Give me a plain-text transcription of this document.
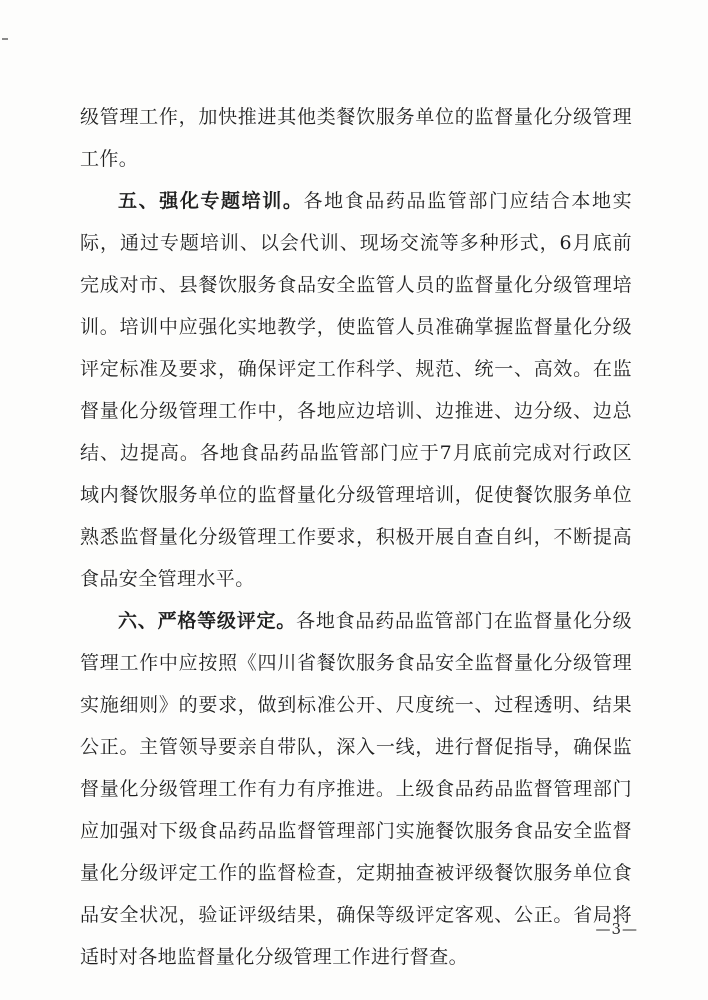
级管理工作，加快推进其他类餐饮服务单位的监督量化分级管理工作。

五、强化专题培训。各地食品药品监管部门应结合本地实际，通过专题培训、以会代训、现场交流等多种形式，6月底前完成对市、县餐饮服务食品安全监管人员的监督量化分级管理培训。培训中应强化实地教学，使监管人员准确掌握监督量化分级评定标准及要求，确保评定工作科学、规范、统一、高效。在监督量化分级管理工作中，各地应边培训、边推进、边分级、边总结、边提高。各地食品药品监管部门应于7月底前完成对行政区域内餐饮服务单位的监督量化分级管理培训，促使餐饮服务单位熟悉监督量化分级管理工作要求，积极开展自查自纠，不断提高食品安全管理水平。

六、严格等级评定。各地食品药品监管部门在监督量化分级管理工作中应按照《四川省餐饮服务食品安全监督量化分级管理实施细则》的要求，做到标准公开、尺度统一、过程透明、结果公正。主管领导要亲自带队，深入一线，进行督促指导，确保监督量化分级管理工作有力有序推进。上级食品药品监督管理部门应加强对下级食品药品监督管理部门实施餐饮服务食品安全监督量化分级评定工作的监督检查，定期抽查被评级餐饮服务单位食品安全状况，验证评级结果，确保等级评定客观、公正。省局将适时对各地监督量化分级管理工作进行督查。

—3—
